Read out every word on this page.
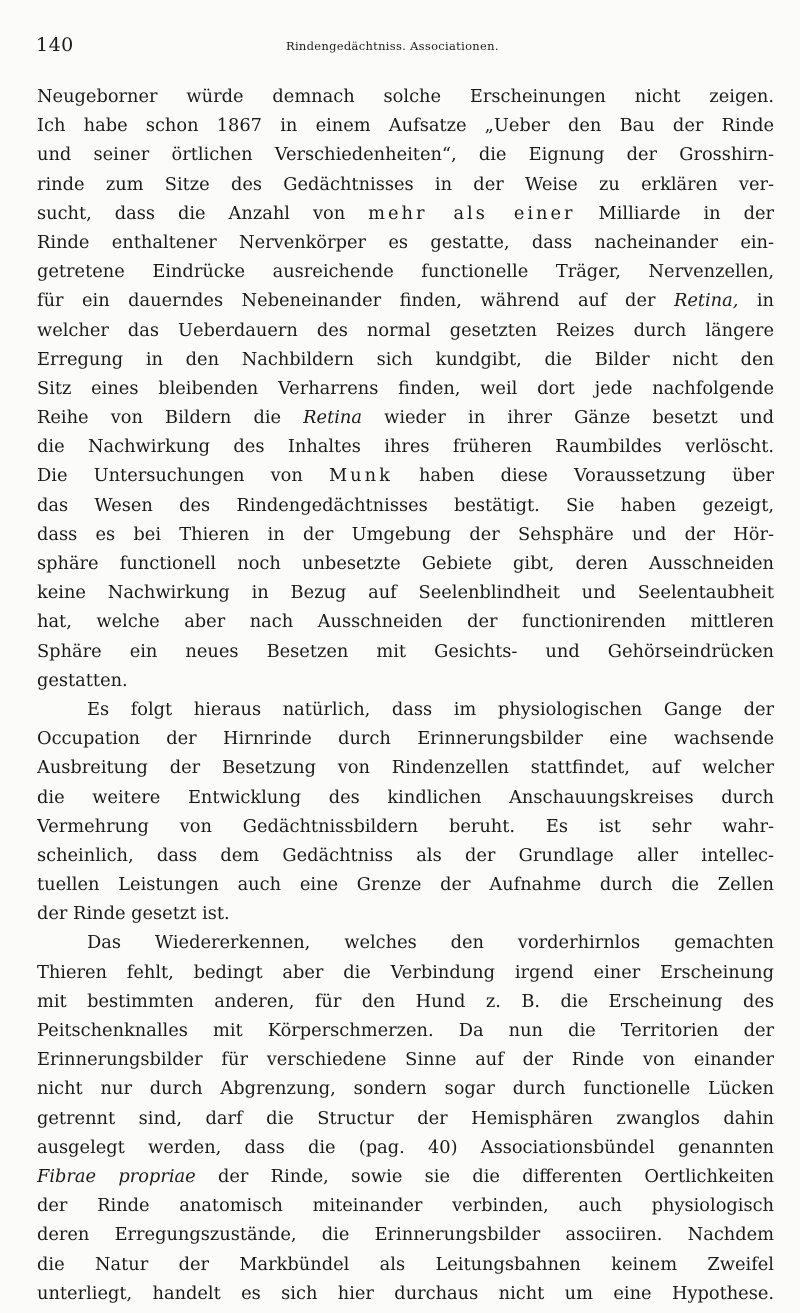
140	Rindengedächtniss. Associationen.
Neugeborner würde demnach solche Erscheinungen nicht zeigen.
Ich habe schon 1867 in einem Aufsatze „Ueber den Bau der Rinde
und seiner örtlichen Verschiedenheiten“, die Eignung der Grosshirn-
rinde zum Sitze des Gedächtnisses in der Weise zu erklären ver-
sucht, dass die Anzahl von mehr als einer Milliarde in der
Rinde enthaltener Nervenkörper es gestatte, dass nacheinander ein-
getretene Eindrücke ausreichende functionelle Träger, Nervenzellen,
für ein dauerndes Nebeneinander finden, während auf der Retina, in
welcher das Ueberdauern des normal gesetzten Reizes durch längere
Erregung in den Nachbildern sich kundgibt, die Bilder nicht den
Sitz eines bleibenden Verharrens finden, weil dort jede nachfolgende
Reihe von Bildern die Retina wieder in ihrer Gänze besetzt und
die Nachwirkung des Inhaltes ihres früheren Raumbildes verlöscht.
Die Untersuchungen von Munk haben diese Voraussetzung über
das Wesen des Rindengedächtnisses bestätigt. Sie haben gezeigt,
dass es bei Thieren in der Umgebung der Sehsphäre und der Hör-
sphäre functionell noch unbesetzte Gebiete gibt, deren Ausschneiden
keine Nachwirkung in Bezug auf Seelenblindheit und Seelentaubheit
hat, welche aber nach Ausschneiden der functionirenden mittleren
Sphäre ein neues Besetzen mit Gesichts- und Gehörseindrücken
gestatten.
Es folgt hieraus natürlich, dass im physiologischen Gange der
Occupation der Hirnrinde durch Erinnerungsbilder eine wachsende
Ausbreitung der Besetzung von Rindenzellen stattfindet, auf welcher
die weitere Entwicklung des kindlichen Anschauungskreises durch
Vermehrung von Gedächtnissbildern beruht. Es ist sehr wahr-
scheinlich, dass dem Gedächtniss als der Grundlage aller intellec-
tuellen Leistungen auch eine Grenze der Aufnahme durch die Zellen
der Rinde gesetzt ist.
Das Wiedererkennen, welches den vorderhirnlos gemachten
Thieren fehlt, bedingt aber die Verbindung irgend einer Erscheinung
mit bestimmten anderen, für den Hund z. B. die Erscheinung des
Peitschenknalles mit Körperschmerzen. Da nun die Territorien der
Erinnerungsbilder für verschiedene Sinne auf der Rinde von einander
nicht nur durch Abgrenzung, sondern sogar durch functionelle Lücken
getrennt sind, darf die Structur der Hemisphären zwanglos dahin
ausgelegt werden, dass die (pag. 40) Associationsbündel genannten
Fibrae propriae der Rinde, sowie sie die differenten Oertlichkeiten
der Rinde anatomisch miteinander verbinden, auch physiologisch
deren Erregungszustände, die Erinnerungsbilder associiren. Nachdem
die Natur der Markbündel als Leitungsbahnen keinem Zweifel
unterliegt, handelt es sich hier durchaus nicht um eine Hypothese.
